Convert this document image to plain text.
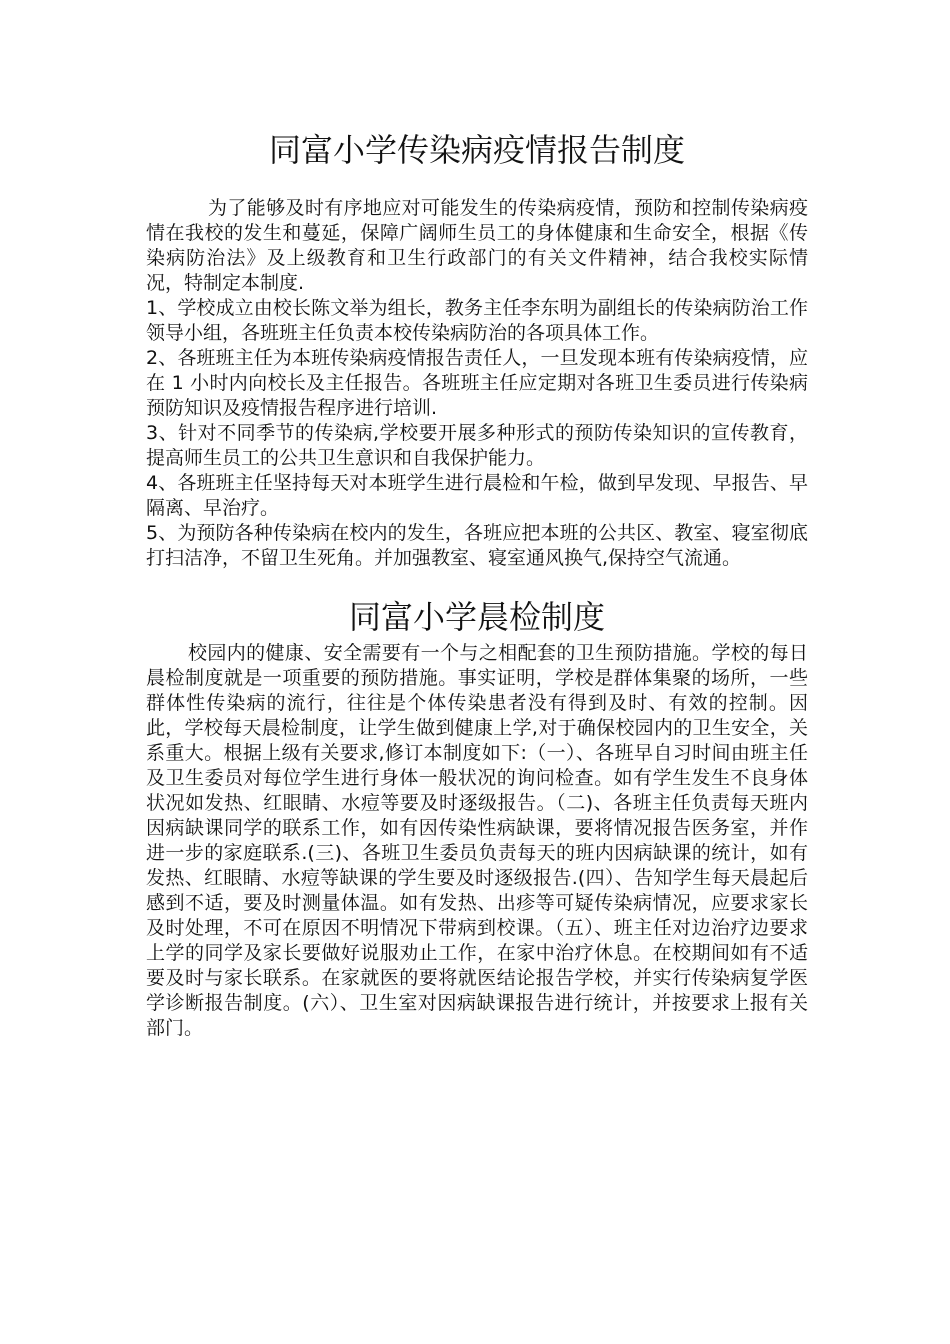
同富小学传染病疫情报告制度

为了能够及时有序地应对可能发生的传染病疫情，预防和控制传染病疫情在我校的发生和蔓延，保障广阔师生员工的身体健康和生命安全，根据《传染病防治法》及上级教育和卫生行政部门的有关文件精神，结合我校实际情况，特制定本制度.

1、学校成立由校长陈文举为组长，教务主任李东明为副组长的传染病防治工作领导小组，各班班主任负责本校传染病防治的各项具体工作。

2、各班班主任为本班传染病疫情报告责任人，一旦发现本班有传染病疫情，应在 1 小时内向校长及主任报告。各班班主任应定期对各班卫生委员进行传染病预防知识及疫情报告程序进行培训.

3、针对不同季节的传染病,学校要开展多种形式的预防传染知识的宣传教育，提高师生员工的公共卫生意识和自我保护能力。

4、各班班主任坚持每天对本班学生进行晨检和午检，做到早发现、早报告、早隔离、早治疗。

5、为预防各种传染病在校内的发生，各班应把本班的公共区、教室、寝室彻底打扫洁净，不留卫生死角。并加强教室、寝室通风换气,保持空气流通。

同富小学晨检制度

校园内的健康、安全需要有一个与之相配套的卫生预防措施。学校的每日晨检制度就是一项重要的预防措施。事实证明，学校是群体集聚的场所，一些群体性传染病的流行，往往是个体传染患者没有得到及时、有效的控制。因此，学校每天晨检制度，让学生做到健康上学,对于确保校园内的卫生安全，关系重大。根据上级有关要求,修订本制度如下:（一）、各班早自习时间由班主任及卫生委员对每位学生进行身体一般状况的询问检查。如有学生发生不良身体状况如发热、红眼睛、水痘等要及时逐级报告。（二)、各班主任负责每天班内因病缺课同学的联系工作，如有因传染性病缺课，要将情况报告医务室，并作进一步的家庭联系.(三)、各班卫生委员负责每天的班内因病缺课的统计，如有发热、红眼睛、水痘等缺课的学生要及时逐级报告.(四）、告知学生每天晨起后感到不适，要及时测量体温。如有发热、出疹等可疑传染病情况，应要求家长及时处理，不可在原因不明情况下带病到校课。（五）、班主任对边治疗边要求上学的同学及家长要做好说服劝止工作，在家中治疗休息。在校期间如有不适要及时与家长联系。在家就医的要将就医结论报告学校，并实行传染病复学医学诊断报告制度。(六）、卫生室对因病缺课报告进行统计，并按要求上报有关部门。
